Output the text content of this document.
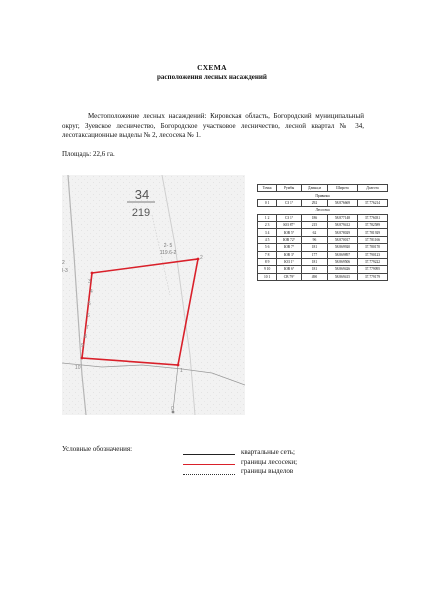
СХЕМА
расположения лесных насаждений
Местоположение лесных насаждений: Кировская область, Богородский муниципальный округ, Зуевское лесничество, Богородское участковое лесничество, лесной квартал № 34, лесотаксационные выделы № 2, лесосека № 1.
Площадь: 22,6 га.
34
219
2- 5
119.6-2
2
I-3
1
2
3
4
5
6
7
8
9
10
0
Точка	Румбы	Длина,м	Широта	Долгота
Привязка				
0 1	СЗ 1°	292	58.876669	37.776214
Лесосека				
1 2	СЗ 1°	186	58.877148	37.776031
2 3	ЮЗ 87°	215	58.879412	37.782589
3 4	ЮВ 5°	62	58.878029	37.781929
4 5	ЮВ 72°	96	58.870017	37.781166
5 6	ЮВ 7°	181	58.869920	37.780170
7 8	ЮВ 3°	177	58.869897	37.790123
8 9	ЮЗ 1°	181	58.869506	37.779222
9 10	ЮВ 6°	181	58.869426	37.779095
10 1	СВ 79°	490	58.869415	37.779179
Условные обозначения:	квартальные сеть;
границы лесосеки;
границы выделов
